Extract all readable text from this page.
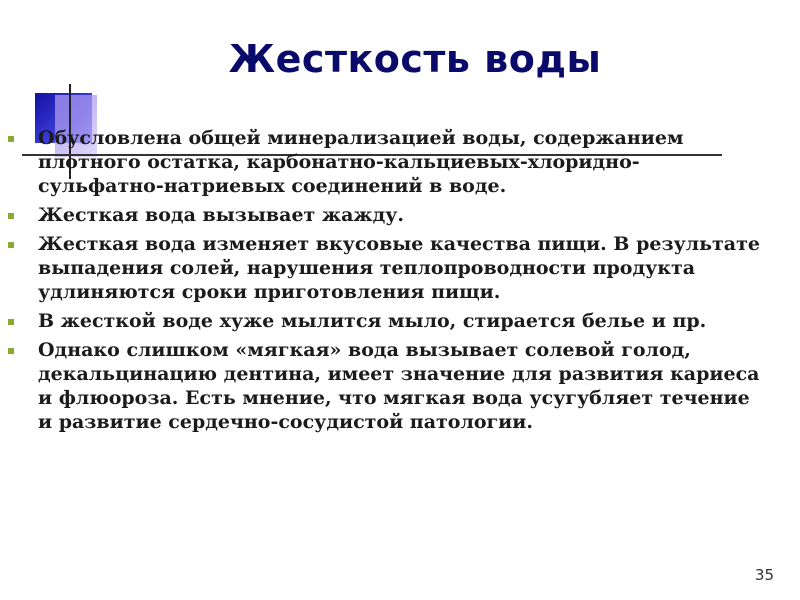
Жесткость воды
Обусловлена общей минерализацией воды, содержанием плотного остатка, карбонатно-кальциевых-хлоридно-сульфатно-натриевых соединений в воде.
Жесткая вода вызывает жажду.
Жесткая вода изменяет вкусовые качества пищи. В результате выпадения солей, нарушения теплопроводности продукта удлиняются сроки приготовления пищи.
В жесткой воде хуже мылится мыло, стирается белье и пр.
Однако слишком «мягкая» вода вызывает солевой голод, декальцинацию дентина, имеет значение для развития кариеса и флюороза. Есть мнение, что мягкая вода усугубляет течение и развитие сердечно-сосудистой патологии.
35
